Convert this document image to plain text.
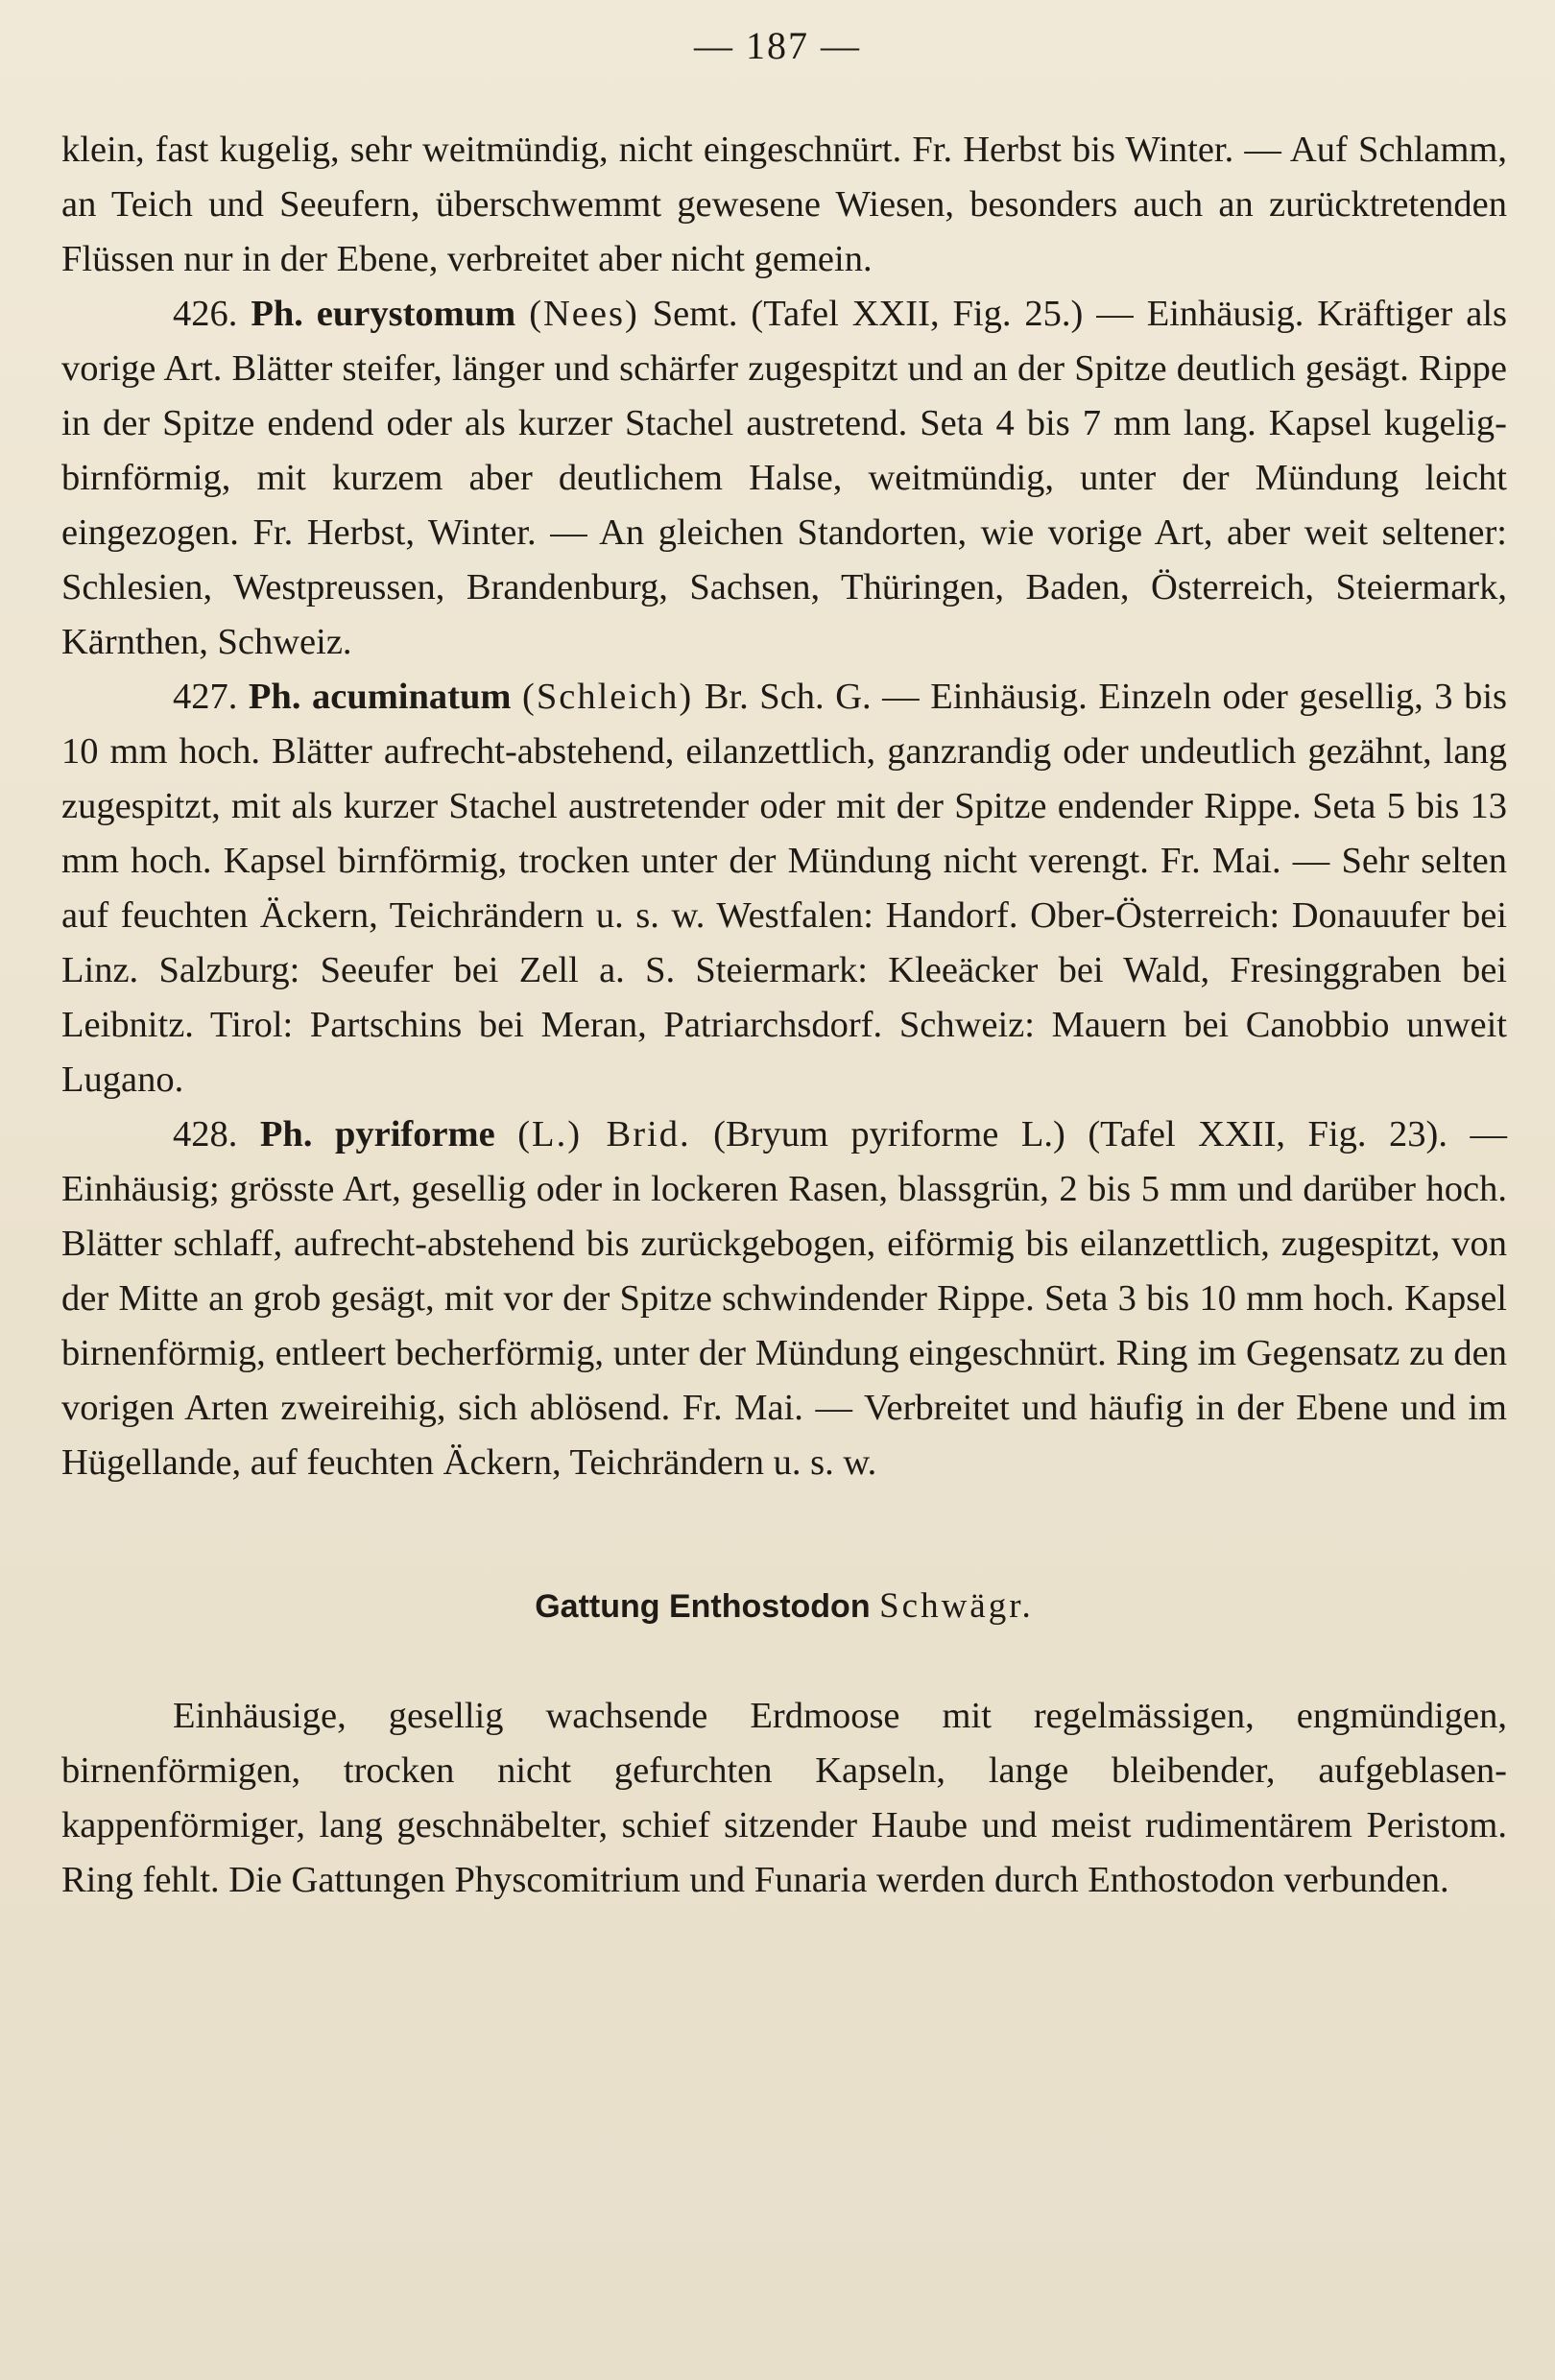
— 187 —

klein, fast kugelig, sehr weitmündig, nicht eingeschnürt. Fr. Herbst bis Winter. — Auf Schlamm, an Teich und Seeufern, überschwemmt gewesene Wiesen, besonders auch an zurücktretenden Flüssen nur in der Ebene, verbreitet aber nicht gemein.

426. Ph. eurystomum (Nees) Semt. (Tafel XXII, Fig. 25.) — Einhäusig. Kräftiger als vorige Art. Blätter steifer, länger und schärfer zugespitzt und an der Spitze deutlich gesägt. Rippe in der Spitze endend oder als kurzer Stachel austretend. Seta 4 bis 7 mm lang. Kapsel kugelig-birnförmig, mit kurzem aber deutlichem Halse, weitmündig, unter der Mündung leicht eingezogen. Fr. Herbst, Winter. — An gleichen Standorten, wie vorige Art, aber weit seltener: Schlesien, Westpreussen, Brandenburg, Sachsen, Thüringen, Baden, Österreich, Steiermark, Kärnthen, Schweiz.

427. Ph. acuminatum (Schleich) Br. Sch. G. — Einhäusig. Einzeln oder gesellig, 3 bis 10 mm hoch. Blätter aufrecht-abstehend, eilanzettlich, ganzrandig oder undeutlich gezähnt, lang zugespitzt, mit als kurzer Stachel austretender oder mit der Spitze endender Rippe. Seta 5 bis 13 mm hoch. Kapsel birnförmig, trocken unter der Mündung nicht verengt. Fr. Mai. — Sehr selten auf feuchten Äckern, Teichrändern u. s. w. Westfalen: Handorf. Ober-Österreich: Donauufer bei Linz. Salzburg: Seeufer bei Zell a. S. Steiermark: Kleeäcker bei Wald, Fresinggraben bei Leibnitz. Tirol: Partschins bei Meran, Patriarchsdorf. Schweiz: Mauern bei Canobbio unweit Lugano.

428. Ph. pyriforme (L.) Brid. (Bryum pyriforme L.) (Tafel XXII, Fig. 23). — Einhäusig; grösste Art, gesellig oder in lockeren Rasen, blassgrün, 2 bis 5 mm und darüber hoch. Blätter schlaff, aufrecht-abstehend bis zurückgebogen, eiförmig bis eilanzettlich, zugespitzt, von der Mitte an grob gesägt, mit vor der Spitze schwindender Rippe. Seta 3 bis 10 mm hoch. Kapsel birnenförmig, entleert becherförmig, unter der Mündung eingeschnürt. Ring im Gegensatz zu den vorigen Arten zweireihig, sich ablösend. Fr. Mai. — Verbreitet und häufig in der Ebene und im Hügellande, auf feuchten Äckern, Teichrändern u. s. w.

Gattung Enthostodon Schwägr.

Einhäusige, gesellig wachsende Erdmoose mit regelmässigen, engmündigen, birnenförmigen, trocken nicht gefurchten Kapseln, lange bleibender, aufgeblasen-kappenförmiger, lang geschnäbelter, schief sitzender Haube und meist rudimentärem Peristom. Ring fehlt. Die Gattungen Physcomitrium und Funaria werden durch Enthostodon verbunden.
